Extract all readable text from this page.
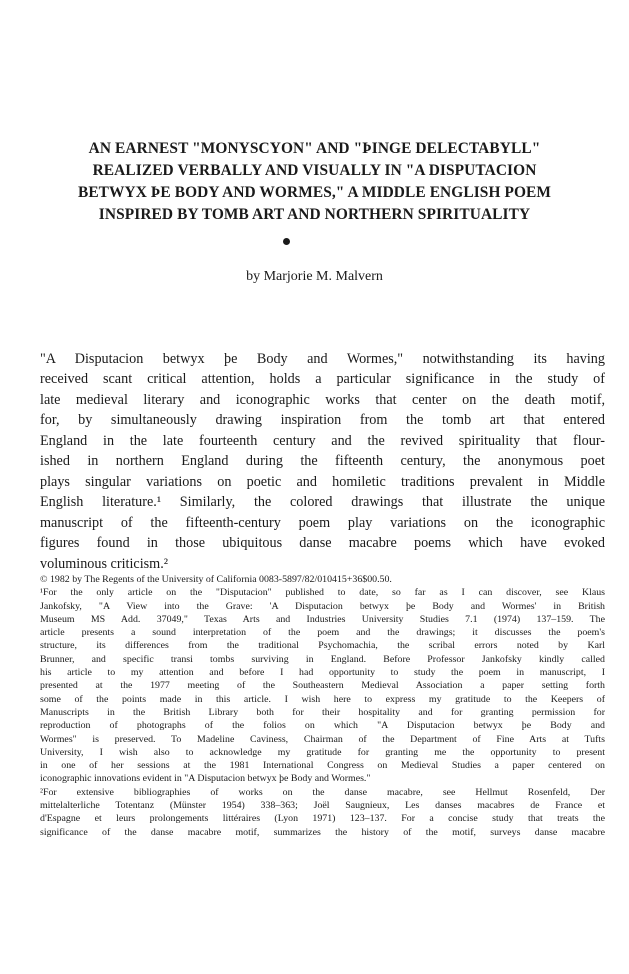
AN EARNEST "MONYSCYON" AND "ÞINGE DELECTABYLL"
REALIZED VERBALLY AND VISUALLY IN "A DISPUTACION
BETWYX ÞE BODY AND WORMES," A MIDDLE ENGLISH POEM
INSPIRED BY TOMB ART AND NORTHERN SPIRITUALITY
by Marjorie M. Malvern
"A Disputacion betwyx þe Body and Wormes," notwithstanding its having
received scant critical attention, holds a particular significance in the study of
late medieval literary and iconographic works that center on the death motif,
for, by simultaneously drawing inspiration from the tomb art that entered
England in the late fourteenth century and the revived spirituality that flour-
ished in northern England during the fifteenth century, the anonymous poet
plays singular variations on poetic and homiletic traditions prevalent in Middle
English literature.¹ Similarly, the colored drawings that illustrate the unique
manuscript of the fifteenth-century poem play variations on the iconographic
figures found in those ubiquitous danse macabre poems which have evoked
voluminous criticism.²
© 1982 by The Regents of the University of California 0083-5897/82/010415+36$00.50.
¹For the only article on the "Disputacion" published to date, so far as I can discover, see Klaus
Jankofsky, "A View into the Grave: 'A Disputacion betwyx þe Body and Wormes' in British
Museum MS Add. 37049," Texas Arts and Industries University Studies 7.1 (1974) 137–159. The
article presents a sound interpretation of the poem and the drawings; it discusses the poem's
structure, its differences from the traditional Psychomachia, the scribal errors noted by Karl
Brunner, and specific transi tombs surviving in England. Before Professor Jankofsky kindly called
his article to my attention and before I had opportunity to study the poem in manuscript, I
presented at the 1977 meeting of the Southeastern Medieval Association a paper setting forth
some of the points made in this article. I wish here to express my gratitude to the Keepers of
Manuscripts in the British Library both for their hospitality and for granting permission for
reproduction of photographs of the folios on which "A Disputacion betwyx þe Body and
Wormes" is preserved. To Madeline Caviness, Chairman of the Department of Fine Arts at Tufts
University, I wish also to acknowledge my gratitude for granting me the opportunity to present
in one of her sessions at the 1981 International Congress on Medieval Studies a paper centered on
iconographic innovations evident in "A Disputacion betwyx þe Body and Wormes."
²For extensive bibliographies of works on the danse macabre, see Hellmut Rosenfeld, Der
mittelalterliche Totentanz (Münster 1954) 338–363; Joël Saugnieux, Les danses macabres de France et
d'Espagne et leurs prolongements littéraires (Lyon 1971) 123–137. For a concise study that treats the
significance of the danse macabre motif, summarizes the history of the motif, surveys danse macabre
